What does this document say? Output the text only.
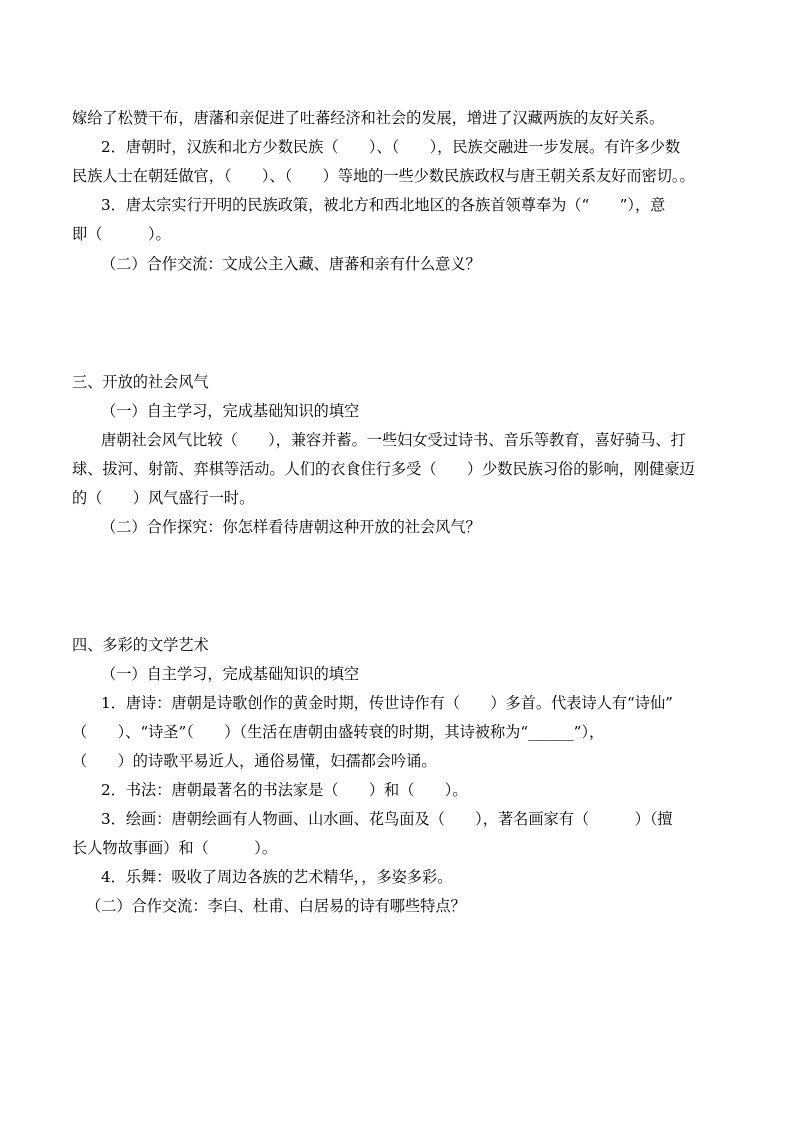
嫁给了松赞干布，唐藩和亲促进了吐蕃经济和社会的发展，增进了汉藏两族的友好关系。
2．唐朝时，汉族和北方少数民族（　　）、（　　），民族交融进一步发展。有许多少数
民族人士在朝廷做官，（　　）、（　　）等地的一些少数民族政权与唐王朝关系友好而密切。。
3．唐太宗实行开明的民族政策，被北方和西北地区的各族首领尊奉为（“　　”），意
即（　　　）。
（二）合作交流：文成公主入藏、唐蕃和亲有什么意义？
三、开放的社会风气
（一）自主学习，完成基础知识的填空
唐朝社会风气比较（　　），兼容并蓄。一些妇女受过诗书、音乐等教育，喜好骑马、打
球、拔河、射箭、弈棋等活动。人们的衣食住行多受（　　）少数民族习俗的影响，刚健豪迈
的（　　）风气盛行一时。
（二）合作探究：你怎样看待唐朝这种开放的社会风气？
四、多彩的文学艺术
（一）自主学习，完成基础知识的填空
1．唐诗：唐朝是诗歌创作的黄金时期，传世诗作有（　　）多首。代表诗人有“诗仙”
（　　）、“诗圣”（　　）（生活在唐朝由盛转衰的时期，其诗被称为“______”），
（　　）的诗歌平易近人，通俗易懂，妇孺都会吟诵。
2．书法：唐朝最著名的书法家是（　　）和（　　）。
3．绘画：唐朝绘画有人物画、山水画、花鸟面及（　　），著名画家有（　　　）（擅
长人物故事画）和（　　　）。
4．乐舞：吸收了周边各族的艺术精华，，多姿多彩。
（二）合作交流：李白、杜甫、白居易的诗有哪些特点？
